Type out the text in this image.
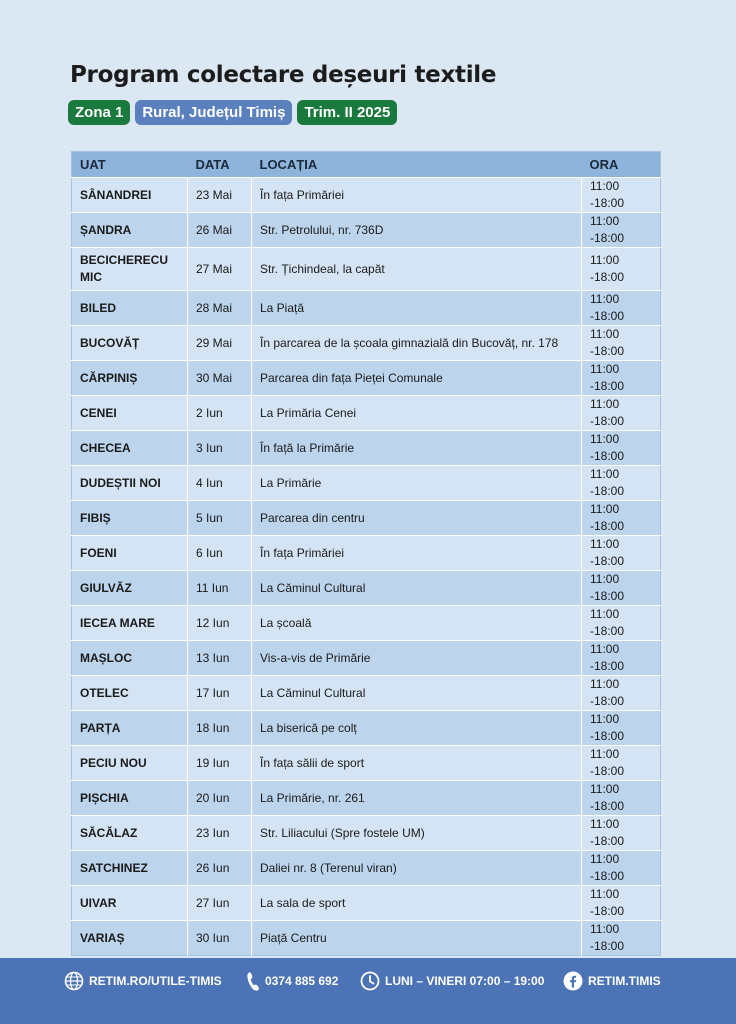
Program colectare deșeuri textile
Zona 1	Rural, Județul Timiș	Trim. II 2025
UAT	DATA	LOCAȚIA	ORA
SÂNANDREI	23 Mai	În fața Primăriei	11:00 -18:00
ȘANDRA	26 Mai	Str. Petrolului, nr. 736D	11:00 -18:00
BECICHERECU MIC	27 Mai	Str. Țichindeal, la capăt	11:00 -18:00
BILED	28 Mai	La Piață	11:00 -18:00
BUCOVĂȚ	29 Mai	În parcarea de la școala gimnazială din Bucovăț, nr. 178	11:00 -18:00
CĂRPINIȘ	30 Mai	Parcarea din fața Pieței Comunale	11:00 -18:00
CENEI	2 Iun	La Primăria Cenei	11:00 -18:00
CHECEA	3 Iun	În față la Primărie	11:00 -18:00
DUDEȘTII NOI	4 Iun	La Primărie	11:00 -18:00
FIBIȘ	5 Iun	Parcarea din centru	11:00 -18:00
FOENI	6 Iun	În fața Primăriei	11:00 -18:00
GIULVĂZ	11 Iun	La Căminul Cultural	11:00 -18:00
IECEA MARE	12 Iun	La școală	11:00 -18:00
MAȘLOC	13 Iun	Vis-a-vis de Primărie	11:00 -18:00
OTELEC	17 Iun	La Căminul Cultural	11:00 -18:00
PARȚA	18 Iun	La biserică pe colț	11:00 -18:00
PECIU NOU	19 Iun	În fața sălii de sport	11:00 -18:00
PIȘCHIA	20 Iun	La Primărie, nr. 261	11:00 -18:00
SĂCĂLAZ	23 Iun	Str. Liliacului (Spre fostele UM)	11:00 -18:00
SATCHINEZ	26 Iun	Daliei nr. 8 (Terenul viran)	11:00 -18:00
UIVAR	27 Iun	La sala de sport	11:00 -18:00
VARIAȘ	30 Iun	Piață Centru	11:00 -18:00
RETIM.RO/UTILE-TIMIS	0374 885 692	LUNI – VINERI 07:00 – 19:00	RETIM.TIMIS
